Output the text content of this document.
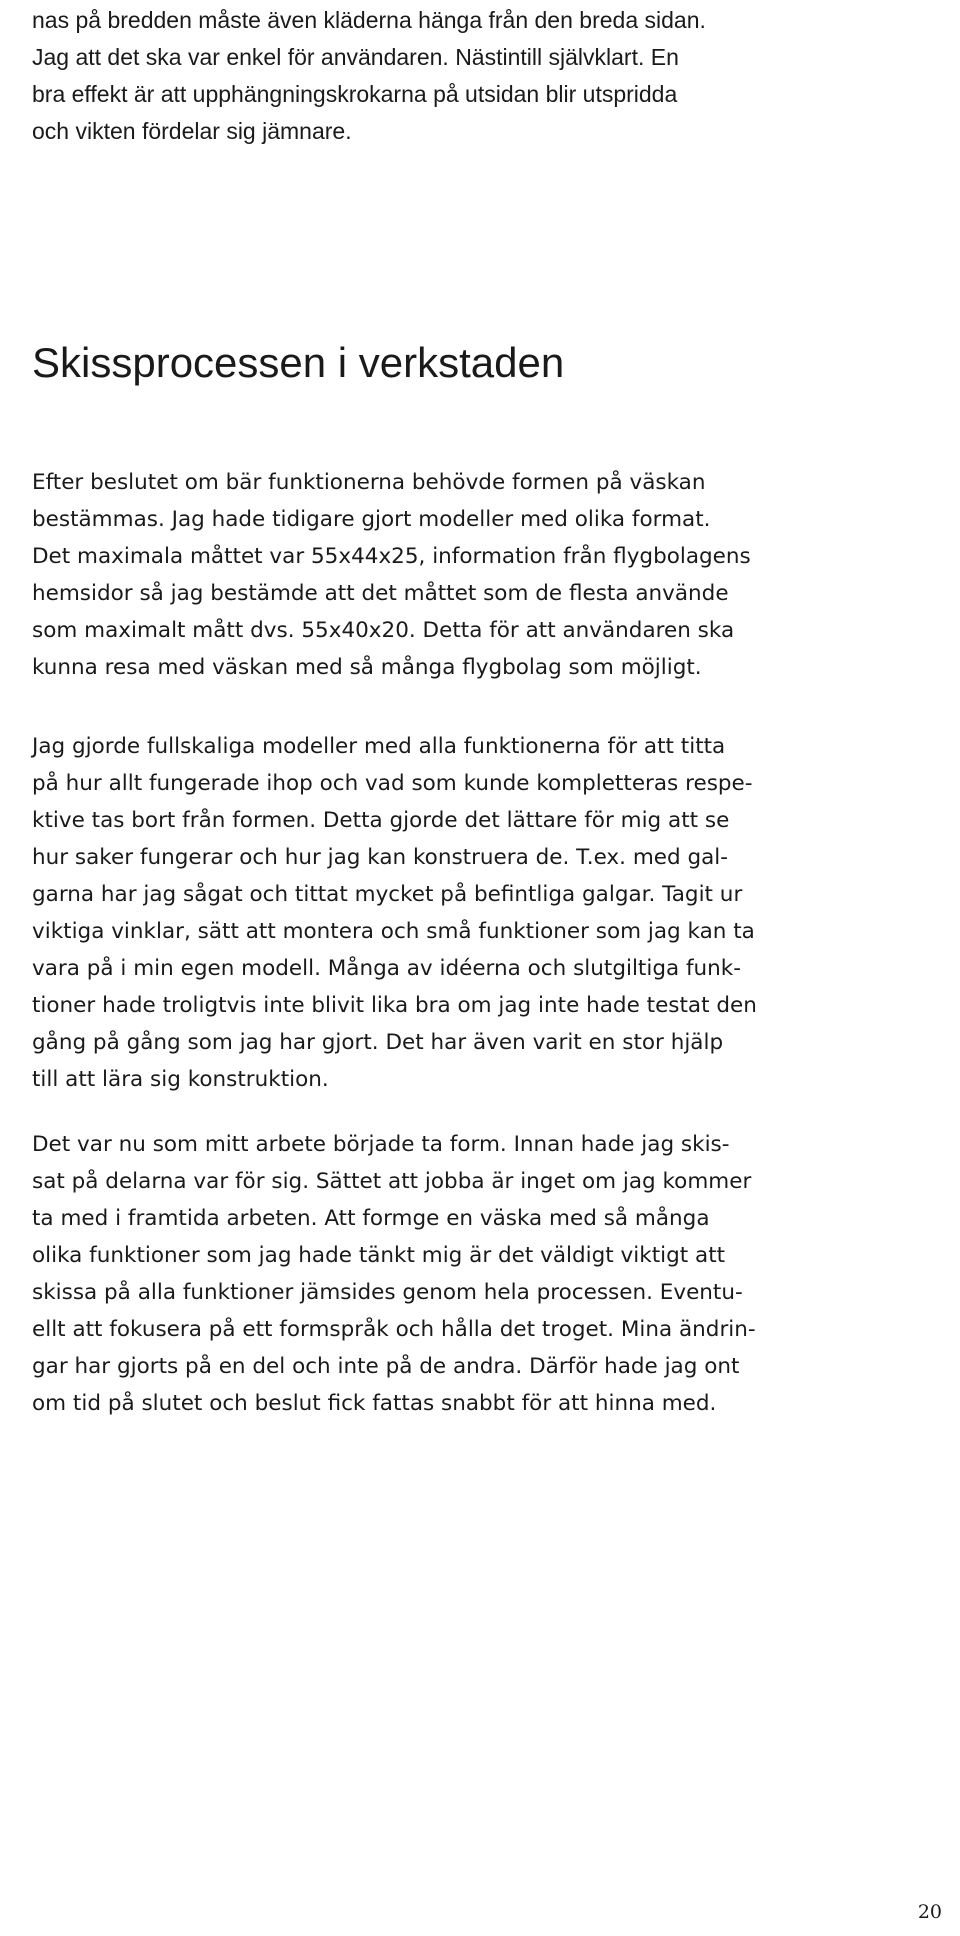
nas på bredden måste även kläderna hänga från den breda sidan.
Jag att det ska var enkel för användaren. Nästintill självklart. En
bra effekt är att upphängningskrokarna på utsidan blir utspridda
och vikten fördelar sig jämnare.

Skissprocessen i verkstaden

Efter beslutet om bär funktionerna behövde formen på väskan
bestämmas. Jag hade tidigare gjort modeller med olika format.
Det maximala måttet var 55x44x25, information från flygbolagens
hemsidor så jag bestämde att det måttet som de flesta använde
som maximalt mått dvs. 55x40x20. Detta för att användaren ska
kunna resa med väskan med så många flygbolag som möjligt.

Jag gjorde fullskaliga modeller med alla funktionerna för att titta
på hur allt fungerade ihop och vad som kunde kompletteras respe-
ktive tas bort från formen. Detta gjorde det lättare för mig att se
hur saker fungerar och hur jag kan konstruera de. T.ex. med gal-
garna har jag sågat och tittat mycket på befintliga galgar. Tagit ur
viktiga vinklar, sätt att montera och små funktioner som jag kan ta
vara på i min egen modell. Många av idéerna och slutgiltiga funk-
tioner hade troligtvis inte blivit lika bra om jag inte hade testat den
gång på gång som jag har gjort. Det har även varit en stor hjälp
till att lära sig konstruktion.

Det var nu som mitt arbete började ta form. Innan hade jag skis-
sat på delarna var för sig. Sättet att jobba är inget om jag kommer
ta med i framtida arbeten. Att formge en väska med så många
olika funktioner som jag hade tänkt mig är det väldigt viktigt att
skissa på alla funktioner jämsides genom hela processen. Eventu-
ellt att fokusera på ett formspråk och hålla det troget. Mina ändrin-
gar har gjorts på en del och inte på de andra. Därför hade jag ont
om tid på slutet och beslut fick fattas snabbt för att hinna med.

20
